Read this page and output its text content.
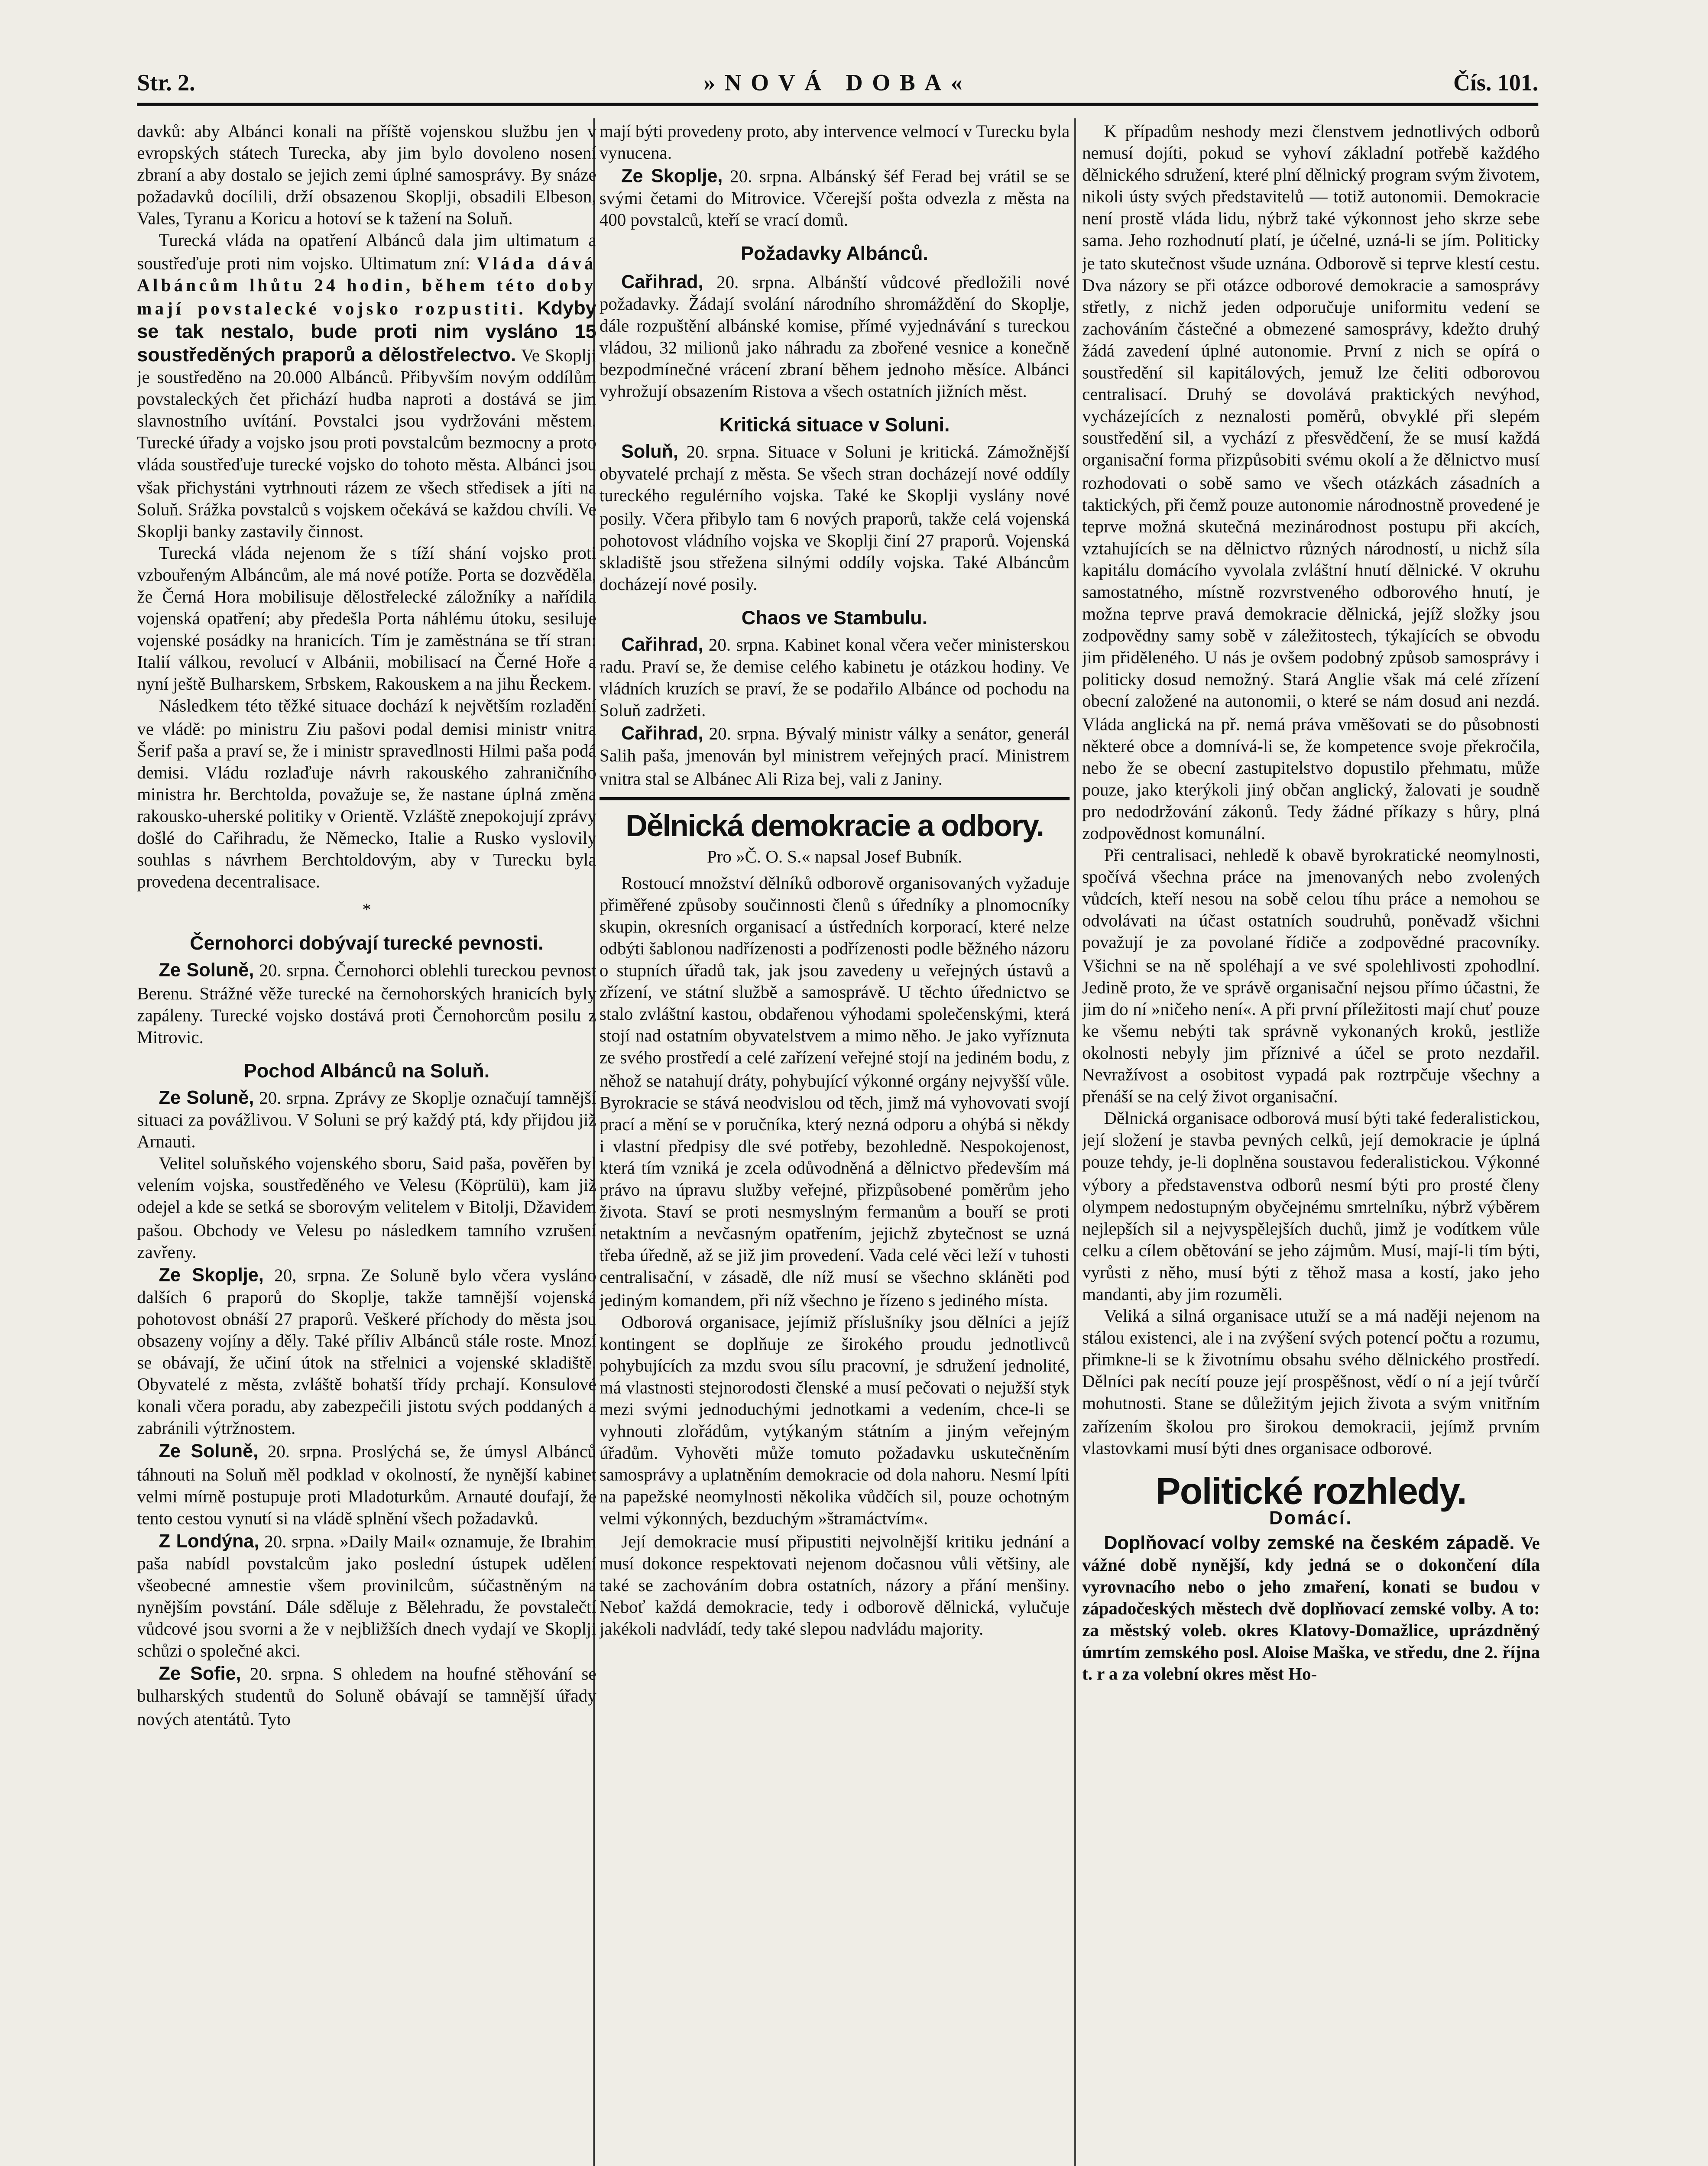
Str. 2.	»NOVÁ DOBA«	Čís. 101.

davků: aby Albánci konali na příště vojenskou službu jen v evropských státech Turecka, aby jim bylo dovoleno nosení zbraní a aby dostalo se jejich zemi úplné samosprávy. By snáze požadavků docílili, drží obsazenou Skoplji, obsadili Elbeson, Vales, Tyranu a Koricu a hotoví se k tažení na Soluň.

Turecká vláda na opatření Albánců dala jim ultimatum a soustřeďuje proti nim vojsko. Ultimatum zní: Vláda dává Albáncům lhůtu 24 hodin, během této doby mají povstalecké vojsko rozpustiti. Kdyby se tak nestalo, bude proti nim vysláno 15 soustředěných praporů a dělostřelectvo. Ve Skoplji je soustředěno na 20.000 Albánců. Přibyvším novým oddílům povstaleckých čet přichází hudba naproti a dostává se jim slavnostního uvítání. Povstalci jsou vydržováni městem. Turecké úřady a vojsko jsou proti povstalcům bezmocny a proto vláda soustřeďuje turecké vojsko do tohoto města. Albánci jsou však přichystáni vytrhnouti rázem ze všech středisek a jíti na Soluň. Srážka povstalců s vojskem očekává se každou chvíli. Ve Skoplji banky zastavily činnost.

Turecká vláda nejenom že s tíží shání vojsko proti vzbouřeným Albáncům, ale má nové potíže. Porta se dozvěděla, že Černá Hora mobilisuje dělostřelecké záložníky a nařídila vojenská opatření; aby předešla Porta náhlému útoku, sesiluje vojenské posádky na hranicích. Tím je zaměstnána se tří stran: Italií válkou, revolucí v Albánii, mobilisací na Černé Hoře a nyní ještě Bulharskem, Srbskem, Rakouskem a na jihu Řeckem.

Následkem této těžké situace dochází k největším rozladění ve vládě: po ministru Ziu pašovi podal demisi ministr vnitra Šerif paša a praví se, že i ministr spravedlnosti Hilmi paša podá demisi. Vládu rozlaďuje návrh rakouského zahraničního ministra hr. Berchtolda, považuje se, že nastane úplná změna rakousko-uherské politiky v Orientě. Vzláště znepokojují zprávy došlé do Cařihradu, že Německo, Italie a Rusko vyslovily souhlas s návrhem Berchtoldovým, aby v Turecku byla provedena decentralisace.

*
Černohorci dobývají turecké pevnosti.

Ze Soluně, 20. srpna. Černohorci oblehli tureckou pevnost Berenu. Strážné věže turecké na černohorských hranicích byly zapáleny. Turecké vojsko dostává proti Černohorcům posilu z Mitrovic.

Pochod Albánců na Soluň.

Ze Soluně, 20. srpna. Zprávy ze Skoplje označují tamnější situaci za povážlivou. V Soluni se prý každý ptá, kdy přijdou již Arnauti.

Velitel soluňského vojenského sboru, Said paša, pověřen byl velením vojska, soustředěného ve Velesu (Köprülü), kam již odejel a kde se setká se sborovým velitelem v Bitolji, Džavidem pašou. Obchody ve Velesu po následkem tamního vzrušení zavřeny.

Ze Skoplje, 20, srpna. Ze Soluně bylo včera vysláno dalších 6 praporů do Skoplje, takže tamnější vojenská pohotovost obnáší 27 praporů. Veškeré příchody do města jsou obsazeny vojíny a děly. Také příliv Albánců stále roste. Mnozí se obávají, že učiní útok na střelnici a vojenské skladiště. Obyvatelé z města, zvláště bohatší třídy prchají. Konsulové konali včera poradu, aby zabezpečili jistotu svých poddaných a zabránili výtržnostem.

Ze Soluně, 20. srpna. Proslýchá se, že úmysl Albánců táhnouti na Soluň měl podklad v okolností, že nynější kabinet velmi mírně postupuje proti Mladoturkům. Arnauté doufají, že tento cestou vynutí si na vládě splnění všech požadavků.

Z Londýna, 20. srpna. »Daily Mail« oznamuje, že Ibrahim paša nabídl povstalcům jako poslední ústupek udělení všeobecné amnestie všem provinilcům, súčastněným na nynějším povstání. Dále sděluje z Bělehradu, že povstalečtí vůdcové jsou svorni a že v nejbližších dnech vydají ve Skoplji schůzi o společné akci.

Ze Sofie, 20. srpna. S ohledem na houfné stěhování se bulharských studentů do Soluně obávají se tamnější úřady nových atentátů. Tyto

mají býti provedeny proto, aby intervence velmocí v Turecku byla vynucena.

Ze Skoplje, 20. srpna. Albánský šéf Ferad bej vrátil se se svými četami do Mitrovice. Včerejší pošta odvezla z města na 400 povstalců, kteří se vrací domů.

Požadavky Albánců.

Cařihrad,	20. srpna. Albánští vůdcové předložili nové požadavky. Žádají svolání národního shromáždění do Skoplje, dále rozpuštění albánské komise, přímé vyjednávání s tureckou vládou, 32 milionů jako náhradu za zbořené vesnice a konečně bezpodmínečné vrácení zbraní během jednoho měsíce. Albánci vyhrožují obsazením Ristova a všech ostatních jižních měst.

Kritická situace v Soluni.

Soluň, 20. srpna. Situace v Soluni je kritická. Zámožnější obyvatelé prchají z města. Se všech stran docházejí nové oddíly tureckého regulérního vojska. Také ke Skoplji vyslány nové posily. Včera přibylo tam 6 nových praporů, takže celá vojenská pohotovost vládního vojska ve Skoplji činí 27 praporů. Vojenská skladiště jsou střežena silnými oddíly vojska. Také Albáncům docházejí nové posily.

Chaos ve Stambulu.

Cařihrad, 20. srpna. Kabinet konal včera večer ministerskou radu. Praví se, že demise celého kabinetu je otázkou hodiny. Ve vládních kruzích se praví, že se podařilo Albánce od pochodu na Soluň zadržeti.

Cařihrad, 20. srpna. Bývalý ministr války a senátor, generál Salih paša, jmenován byl ministrem veřejných prací. Ministrem vnitra stal se Albánec Ali Riza bej, vali z Janiny.

Dělnická demokracie a odbory.
Pro »Č. O. S.« napsal Josef Bubník.

Rostoucí množství dělníků odborově organisovaných vyžaduje přiměřené způsoby součinnosti členů s úředníky a plnomocníky skupin, okresních organisací a ústředních korporací, které nelze odbýti šablonou nadřízenosti a podřízenosti podle běžného názoru o stupních úřadů tak, jak jsou zavedeny u veřejných ústavů a zřízení, ve státní službě a samosprávě. U těchto úřednictvo se stalo zvláštní kastou, obdařenou výhodami společenskými, která stojí nad ostatním obyvatelstvem a mimo něho. Je jako vyříznuta ze svého prostředí a celé zařízení veřejné stojí na jediném bodu, z něhož se natahují dráty, pohybující výkonné orgány nejvyšší vůle. Byrokracie se stává neodvislou od těch, jimž má vyhovovati svojí prací a mění se v poručníka, který nezná odporu a ohýbá si někdy i vlastní předpisy dle své potřeby, bezohledně. Nespokojenost, která tím vzniká je zcela odůvodněná a dělnictvo především má právo na úpravu služby veřejné, přizpůsobené poměrům jeho života. Staví se proti nesmyslným fermanům a bouří se proti netaktním a nevčasným opatřením, jejichž zbytečnost se uzná třeba úředně, až se již jim provedení. Vada celé věci leží v tuhosti centralisační, v zásadě, dle níž musí se všechno skláněti pod jediným komandem, při níž všechno je řízeno s jediného místa.

Odborová organisace, jejímiž příslušníky jsou dělníci a jejíž kontingent se doplňuje ze širokého proudu jednotlivců pohybujících za mzdu svou sílu pracovní, je sdružení jednolité, má vlastnosti stejnorodosti členské a musí pečovati o nejužší styk mezi svými jednoduchými jednotkami a vedením, chce-li se vyhnouti zlořádům, vytýkaným státním a jiným veřejným úřadům. Vyhověti může tomuto požadavku uskutečněním samosprávy a uplatněním demokracie od dola nahoru. Nesmí lpíti na papežské neomylnosti několika vůdčích sil, pouze ochotným velmi výkonných, bezduchým »štramáctvím«.

Její demokracie musí připustiti nejvolnější kritiku jednání a musí dokonce respektovati nejenom dočasnou vůli většiny, ale také se zachováním dobra ostatních, názory a přání menšiny. Neboť každá demokracie, tedy i odborově dělnická, vylučuje jakékoli nadvládí, tedy také slepou nadvládu majority.

K případům neshody mezi členstvem jednotlivých odborů nemusí dojíti, pokud se vyhoví základní potřebě každého dělnického sdružení, které plní dělnický program svým životem, nikoli ústy svých představitelů — totiž autonomii. Demokracie není prostě vláda lidu, nýbrž také výkonnost jeho skrze sebe sama. Jeho rozhodnutí platí, je účelné, uzná-li se jím. Politicky je tato skutečnost všude uznána. Odborově si teprve klestí cestu. Dva názory se při otázce odborové demokracie a samosprávy střetly, z nichž jeden odporučuje uniformitu vedení se zachováním částečné a obmezené samosprávy, kdežto druhý žádá zavedení úplné autonomie. První z nich se opírá o soustředění sil kapitálových, jemuž lze čeliti odborovou centralisací. Druhý se dovolává praktických nevýhod, vycházejících z neznalosti poměrů, obvyklé při slepém soustředění sil, a vychází z přesvědčení, že se musí každá organisační forma přizpůsobiti svému okolí a že dělnictvo musí rozhodovati o sobě samo ve všech otázkách zásadních a taktických, při čemž pouze autonomie národnostně provedené je teprve možná skutečná mezinárodnost postupu při akcích, vztahujících se na dělnictvo různých národností, u nichž síla kapitálu domácího vyvolala zvláštní hnutí dělnické. V okruhu samostatného, místně rozvrstveného odborového hnutí, je možna teprve pravá demokracie dělnická, jejíž složky jsou zodpovědny samy sobě v záležitostech, týkajících se obvodu jim přiděleného. U nás je ovšem podobný způsob samosprávy i politicky dosud nemožný. Stará Anglie však má celé zřízení obecní založené na autonomii, o které se nám dosud ani nezdá. Vláda anglická na př. nemá práva vměšovati se do působnosti některé obce a domnívá-li se, že kompetence svoje překročila, nebo že se obecní zastupitelstvo dopustilo přehmatu, může pouze, jako kterýkoli jiný občan anglický, žalovati je soudně pro nedodržování zákonů. Tedy žádné příkazy s hůry, plná zodpovědnost komunální.

Při centralisaci, nehledě k obavě byrokratické neomylnosti, spočívá všechna práce na jmenovaných nebo zvolených vůdcích, kteří nesou na sobě celou tíhu práce a nemohou se odvolávati na účast ostatních soudruhů, poněvadž všichni považují je za povolané řídiče a zodpovědné pracovníky. Všichni se na ně spoléhají a ve své spolehlivosti zpohodlní. Jedině proto, že ve správě organisační nejsou přímo účastni, že jim do ní »ničeho není«. A při první příležitosti mají chuť pouze ke všemu nebýti tak správně vykonaných kroků, jestliže okolnosti nebyly jim příznivé a účel se proto nezdařil. Nevražívost a osobitost vypadá pak roztrpčuje všechny a přenáší se na celý život organisační.

Dělnická organisace odborová musí býti také federalistickou, její složení je stavba pevných celků, její demokracie je úplná pouze tehdy, je-li doplněna soustavou federalistickou. Výkonné výbory a představenstva odborů nesmí býti pro prosté členy olympem nedostupným obyčejnému smrtelníku, nýbrž výběrem nejlepších sil a nejvyspělejších duchů, jimž je vodítkem vůle celku a cílem obětování se jeho zájmům. Musí, mají-li tím býti, vyrůsti z něho, musí býti z těhož masa a kostí, jako jeho mandanti, aby jim rozuměli.

Veliká a silná organisace utuží se a má naději nejenom na stálou existenci, ale i na zvýšení svých potencí počtu a rozumu, přimkne-li se k životnímu obsahu svého dělnického prostředí. Dělníci pak necítí pouze její prospěšnost, vědí o ní a její tvůrčí mohutnosti. Stane se důležitým jejich života a svým vnitřním zařízením školou pro širokou demokracii, jejímž prvním vlastovkami musí býti dnes organisace odborové.

Politické rozhledy.
Domácí.

Doplňovací volby zemské na českém západě. Ve vážné době nynější, kdy jedná se o dokončení díla vyrovnacího nebo o jeho zmaření, konati se budou v západočeských městech dvě doplňovací zemské volby. A to: za městský voleb. okres Klatovy-Domažlice, uprázdněný úmrtím zemského posl. Aloise Maška, ve středu, dne 2. října t. r a za volební okres měst Ho-
